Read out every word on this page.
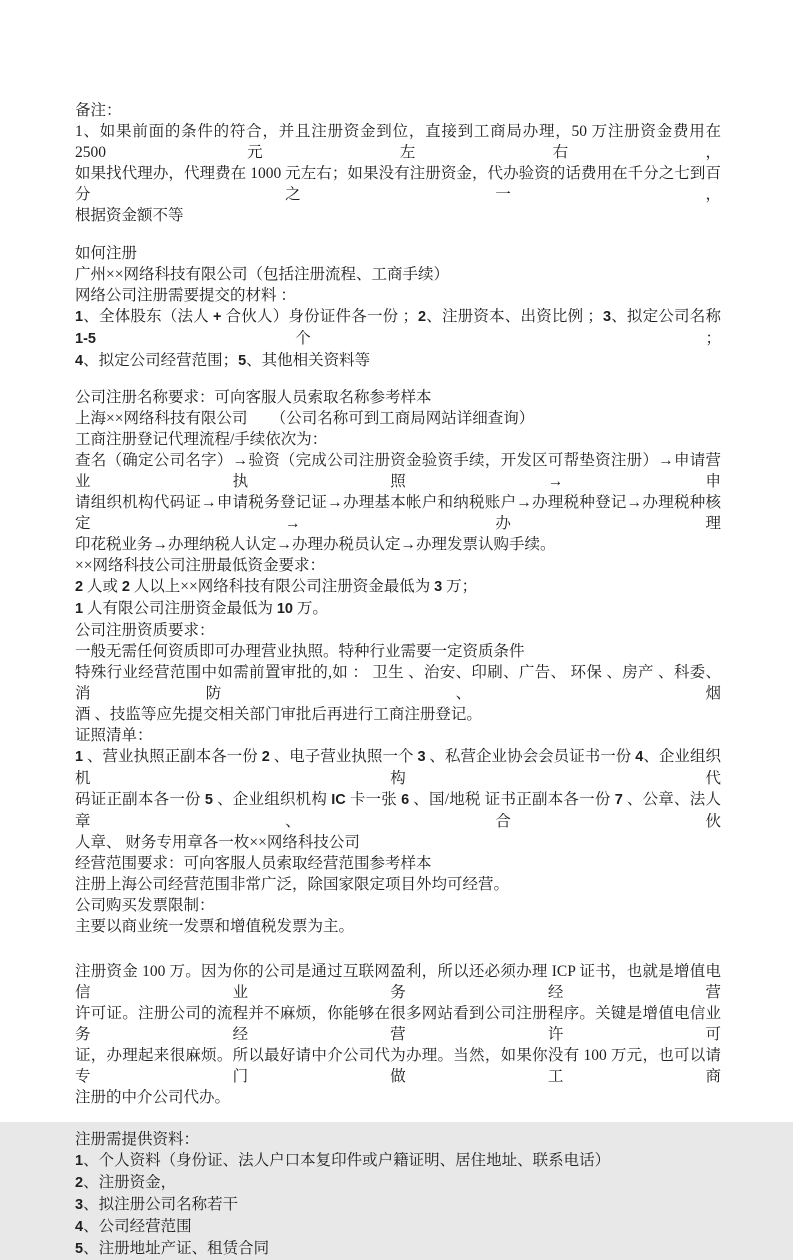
备注：
1、如果前面的条件的符合，并且注册资金到位，直接到工商局办理，50 万注册资金费用在 2500 元左右，
如果找代理办，代理费在 1000 元左右；如果没有注册资金，代办验资的话费用在千分之七到百分之一，
根据资金额不等
如何注册
广州××网络科技有限公司（包括注册流程、工商手续）
网络公司注册需要提交的材料 ：
1、全体股东（法人 + 合伙人）身份证件各一份 ；2、注册资本、出资比例 ；3、拟定公司名称 1-5 个 ；
4、拟定公司经营范围；5、其他相关资料等
公司注册名称要求：可向客服人员索取名称参考样本
上海××网络科技有限公司　　（公司名称可到工商局网站详细查询）
工商注册登记代理流程/手续依次为：
查名（确定公司名字）→验资（完成公司注册资金验资手续，开发区可帮垫资注册）→申请营业执照→申
请组织机构代码证→申请税务登记证→办理基本帐户和纳税账户→办理税种登记→办理税种核定→办理
印花税业务→办理纳税人认定→办理办税员认定→办理发票认购手续。
××网络科技公司注册最低资金要求：
2 人或 2 人以上××网络科技有限公司注册资金最低为 3 万；
1 人有限公司注册资金最低为 10 万。
公司注册资质要求：
一般无需任何资质即可办理营业执照。特种行业需要一定资质条件
特殊行业经营范围中如需前置审批的,如 ： 卫生 、治安、印刷、广告、 环保 、房产 、科委、 消防 、 烟
酒 、技监等应先提交相关部门审批后再进行工商注册登记。
证照清单：
1 、营业执照正副本各一份 2 、电子营业执照一个 3 、私营企业协会会员证书一份 4、企业组织机构代
码证正副本各一份 5 、企业组织机构 IC 卡一张 6 、国/地税 证书正副本各一份 7 、公章、法人章、合伙
人章、 财务专用章各一枚××网络科技公司
经营范围要求：可向客服人员索取经营范围参考样本
注册上海公司经营范围非常广泛，除国家限定项目外均可经营。
公司购买发票限制：
主要以商业统一发票和增值税发票为主。
注册资金 100 万。因为你的公司是通过互联网盈利，所以还必须办理 ICP 证书，也就是增值电信业务经营
许可证。注册公司的流程并不麻烦，你能够在很多网站看到公司注册程序。关键是增值电信业务经营许可
证，办理起来很麻烦。所以最好请中介公司代为办理。当然，如果你没有 100 万元，也可以请专门做工商
注册的中介公司代办。
注册需提供资料：
1、个人资料（身份证、法人户口本复印件或户籍证明、居住地址、联系电话）
2、注册资金，
3、拟注册公司名称若干
4、公司经营范围
5、注册地址产证、租赁合同
